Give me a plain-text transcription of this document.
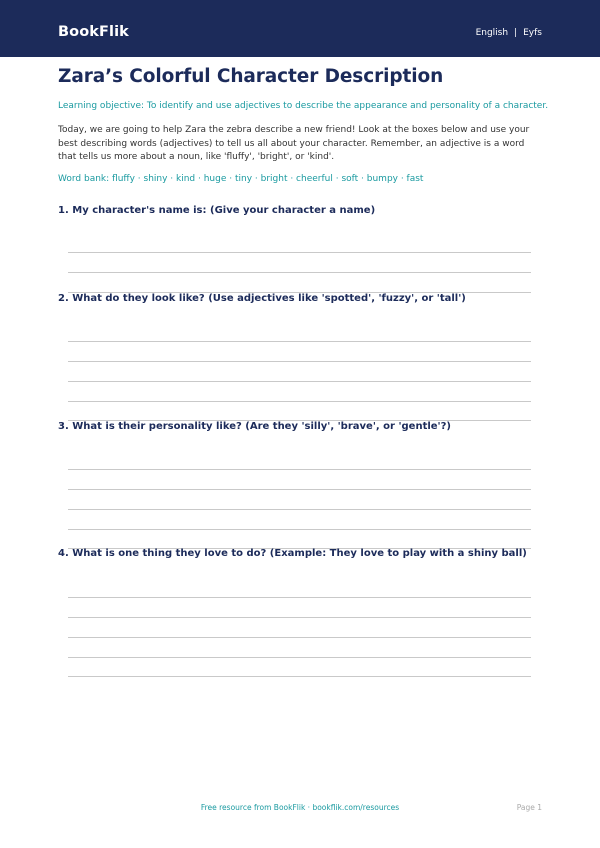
BookFlik	English | Eyfs
Zara’s Colorful Character Description
Learning objective: To identify and use adjectives to describe the appearance and personality of a character.

Today, we are going to help Zara the zebra describe a new friend! Look at the boxes below and use your best describing words (adjectives) to tell us all about your character. Remember, an adjective is a word that tells us more about a noun, like 'fluffy', 'bright', or 'kind'.

Word bank: fluffy · shiny · kind · huge · tiny · bright · cheerful · soft · bumpy · fast
1. My character's name is: (Give your character a name)
2. What do they look like? (Use adjectives like 'spotted', 'fuzzy', or 'tall')
3. What is their personality like? (Are they 'silly', 'brave', or 'gentle'?)
4. What is one thing they love to do? (Example: They love to play with a shiny ball)
Free resource from BookFlik · bookflik.com/resources	Page 1
